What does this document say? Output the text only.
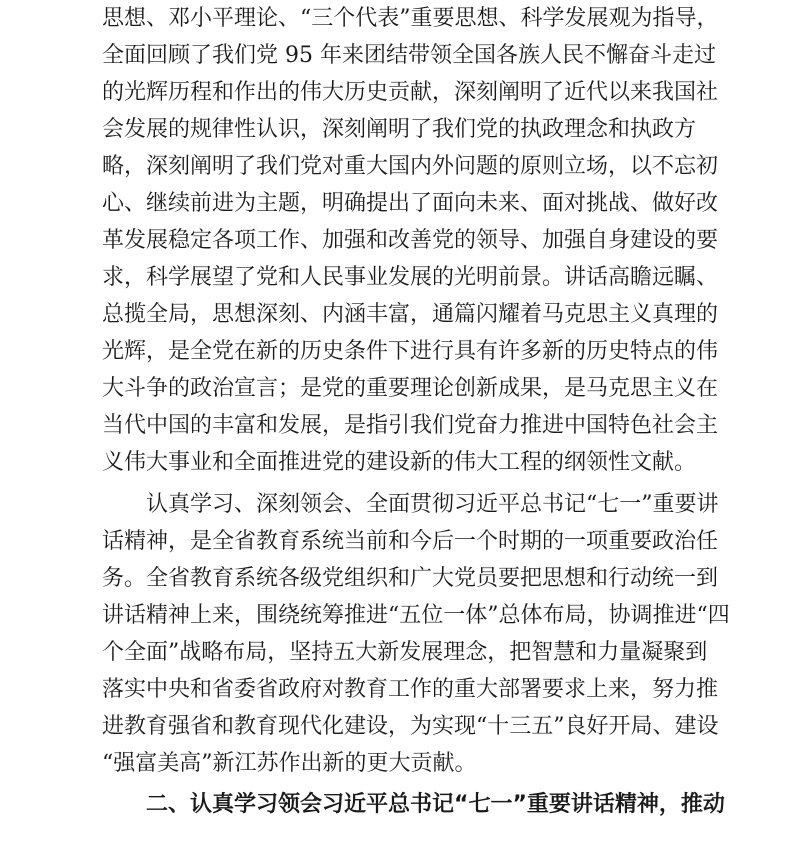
思想、邓小平理论、“三个代表”重要思想、科学发展观为指导，
全面回顾了我们党 95 年来团结带领全国各族人民不懈奋斗走过
的光辉历程和作出的伟大历史贡献，深刻阐明了近代以来我国社
会发展的规律性认识，深刻阐明了我们党的执政理念和执政方
略，深刻阐明了我们党对重大国内外问题的原则立场，以不忘初
心、继续前进为主题，明确提出了面向未来、面对挑战、做好改
革发展稳定各项工作、加强和改善党的领导、加强自身建设的要
求，科学展望了党和人民事业发展的光明前景。讲话高瞻远瞩、
总揽全局，思想深刻、内涵丰富，通篇闪耀着马克思主义真理的
光辉，是全党在新的历史条件下进行具有许多新的历史特点的伟
大斗争的政治宣言；是党的重要理论创新成果，是马克思主义在
当代中国的丰富和发展，是指引我们党奋力推进中国特色社会主
义伟大事业和全面推进党的建设新的伟大工程的纲领性文献。
认真学习、深刻领会、全面贯彻习近平总书记“七一”重要讲
话精神，是全省教育系统当前和今后一个时期的一项重要政治任
务。全省教育系统各级党组织和广大党员要把思想和行动统一到
讲话精神上来，围绕统筹推进“五位一体”总体布局，协调推进“四
个全面”战略布局，坚持五大新发展理念，把智慧和力量凝聚到
落实中央和省委省政府对教育工作的重大部署要求上来，努力推
进教育强省和教育现代化建设，为实现“十三五”良好开局、建设
“强富美高”新江苏作出新的更大贡献。
二、认真学习领会习近平总书记“七一”重要讲话精神，推动
